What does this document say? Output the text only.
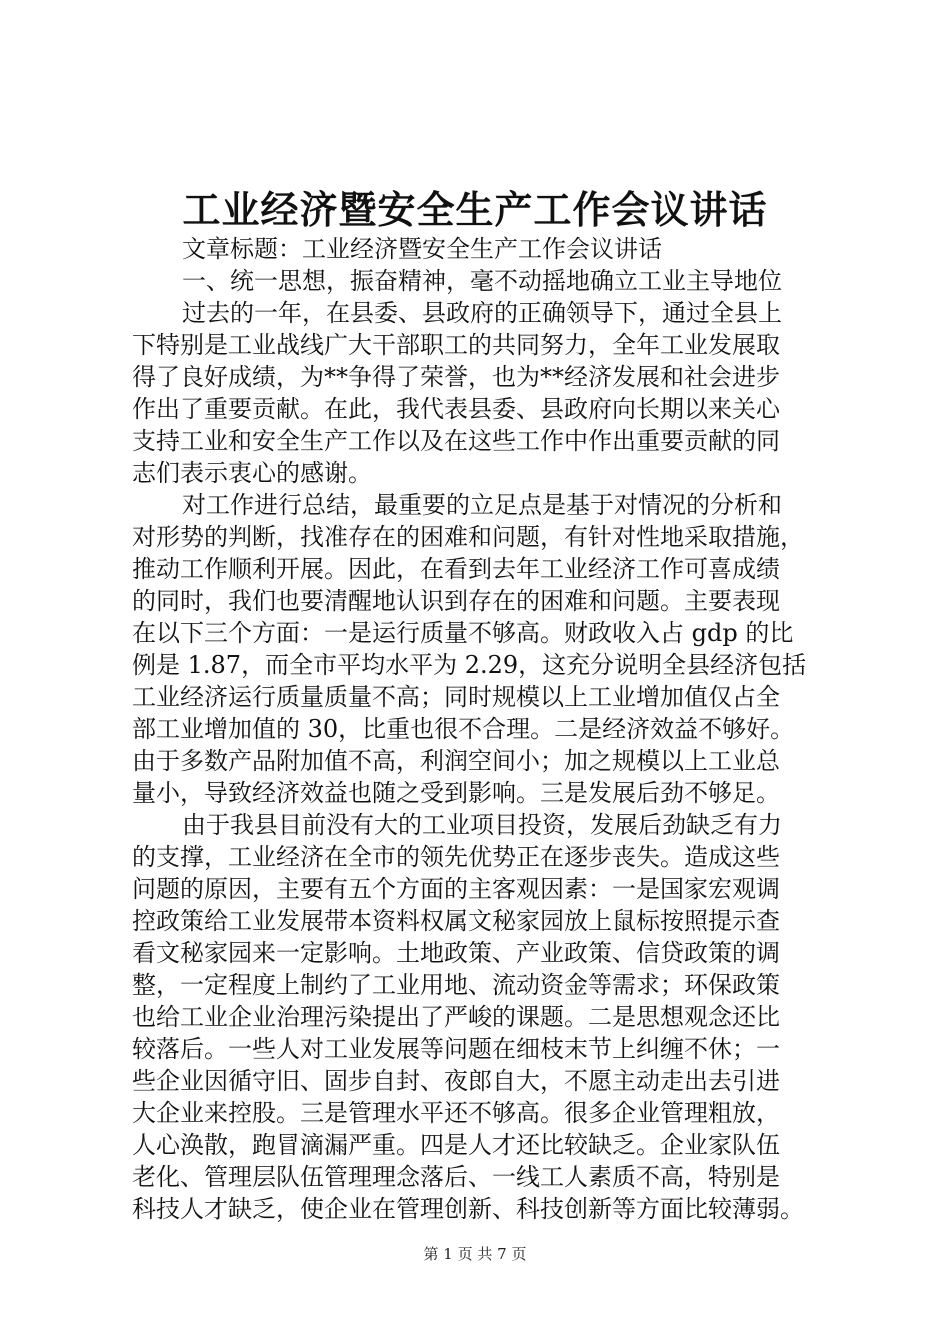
工业经济暨安全生产工作会议讲话
文章标题：工业经济暨安全生产工作会议讲话
一、统一思想，振奋精神，毫不动摇地确立工业主导地位
过去的一年，在县委、县政府的正确领导下，通过全县上
下特别是工业战线广大干部职工的共同努力，全年工业发展取
得了良好成绩，为**争得了荣誉，也为**经济发展和社会进步
作出了重要贡献。在此，我代表县委、县政府向长期以来关心
支持工业和安全生产工作以及在这些工作中作出重要贡献的同
志们表示衷心的感谢。
对工作进行总结，最重要的立足点是基于对情况的分析和
对形势的判断，找准存在的困难和问题，有针对性地采取措施，
推动工作顺利开展。因此，在看到去年工业经济工作可喜成绩
的同时，我们也要清醒地认识到存在的困难和问题。主要表现
在以下三个方面：一是运行质量不够高。财政收入占 gdp 的比
例是 1.87，而全市平均水平为 2.29，这充分说明全县经济包括
工业经济运行质量质量不高；同时规模以上工业增加值仅占全
部工业增加值的 30，比重也很不合理。二是经济效益不够好。
由于多数产品附加值不高，利润空间小；加之规模以上工业总
量小，导致经济效益也随之受到影响。三是发展后劲不够足。
由于我县目前没有大的工业项目投资，发展后劲缺乏有力
的支撑，工业经济在全市的领先优势正在逐步丧失。造成这些
问题的原因，主要有五个方面的主客观因素：一是国家宏观调
控政策给工业发展带本资料权属文秘家园放上鼠标按照提示查
看文秘家园来一定影响。土地政策、产业政策、信贷政策的调
整，一定程度上制约了工业用地、流动资金等需求；环保政策
也给工业企业治理污染提出了严峻的课题。二是思想观念还比
较落后。一些人对工业发展等问题在细枝末节上纠缠不休；一
些企业因循守旧、固步自封、夜郎自大，不愿主动走出去引进
大企业来控股。三是管理水平还不够高。很多企业管理粗放，
人心涣散，跑冒滴漏严重。四是人才还比较缺乏。企业家队伍
老化、管理层队伍管理理念落后、一线工人素质不高，特别是
科技人才缺乏，使企业在管理创新、科技创新等方面比较薄弱。
第 1 页 共 7 页
